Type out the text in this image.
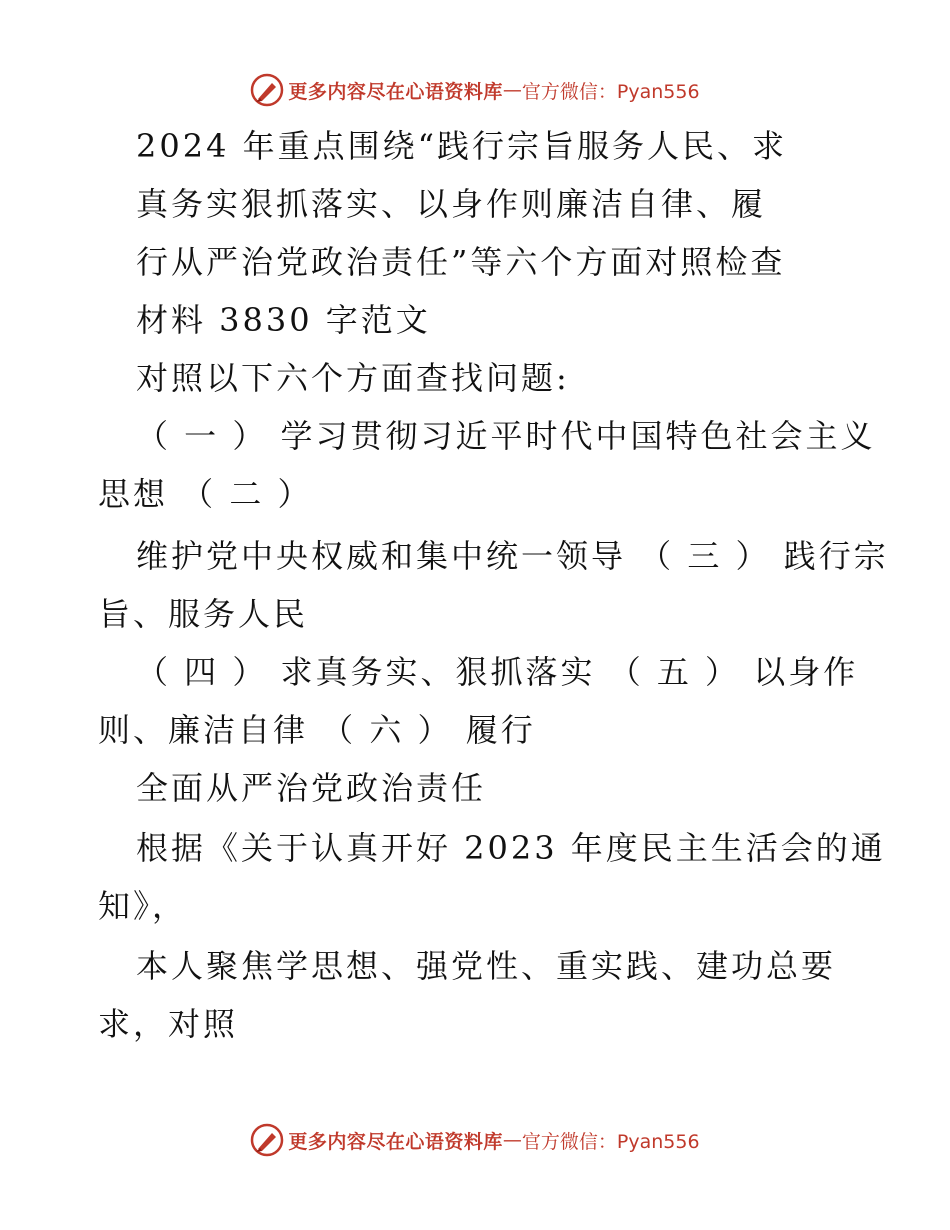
更多内容尽在心语资料库 — 官方微信：Pyan556
2024 年重点围绕“践行宗旨服务人民、求
真务实狠抓落实、以身作则廉洁自律、履
行从严治党政治责任”等六个方面对照检查
材料 3830 字范文
对照以下六个方面查找问题:
（ 一 ） 学习贯彻习近平时代中国特色社会主义
思想 （ 二 ）
维护党中央权威和集中统一领导 （ 三 ） 践行宗
旨、服务人民
（ 四 ） 求真务实、狠抓落实 （ 五 ） 以身作
则、廉洁自律 （ 六 ） 履行
全面从严治党政治责任
根据《关于认真开好 2023 年度民主生活会的通
知》，
本人聚焦学思想、强党性、重实践、建功总要
求，对照
更多内容尽在心语资料库 — 官方微信：Pyan556
